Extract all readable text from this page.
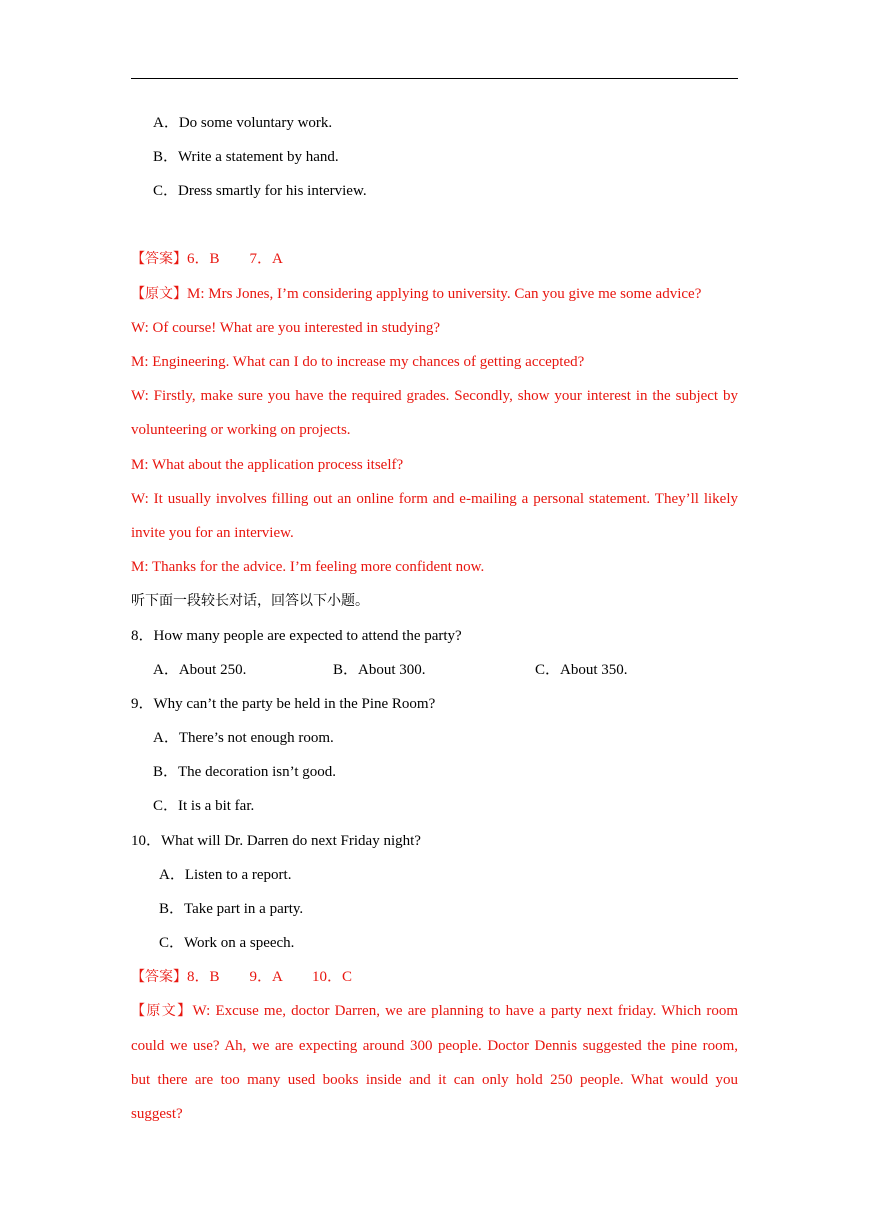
A．Do some voluntary work.
B．Write a statement by hand.
C．Dress smartly for his interview.
【答案】6．B　　7．A
【原文】M: Mrs Jones, I’m considering applying to university. Can you give me some advice?
W: Of course! What are you interested in studying?
M: Engineering. What can I do to increase my chances of getting accepted?
W: Firstly, make sure you have the required grades. Secondly, show your interest in the subject by
volunteering or working on projects.
M: What about the application process itself?
W: It usually involves filling out an online form and e-mailing a personal statement. They’ll likely
invite you for an interview.
M: Thanks for the advice. I’m feeling more confident now.
听下面一段较长对话，回答以下小题。
8．How many people are expected to attend the party?
A．About 250.	B．About 300.	C．About 350.
9．Why can’t the party be held in the Pine Room?
A．There’s not enough room.
B．The decoration isn’t good.
C．It is a bit far.
10．What will Dr. Darren do next Friday night?
A．Listen to a report.
B．Take part in a party.
C．Work on a speech.
【答案】8．B　　9．A　　10．C
【原文】W: Excuse me, doctor Darren, we are planning to have a party next friday. Which room
could we use? Ah, we are expecting around 300 people. Doctor Dennis suggested the pine room,
but there are too many used books inside and it can only hold 250 people. What would you
suggest?
